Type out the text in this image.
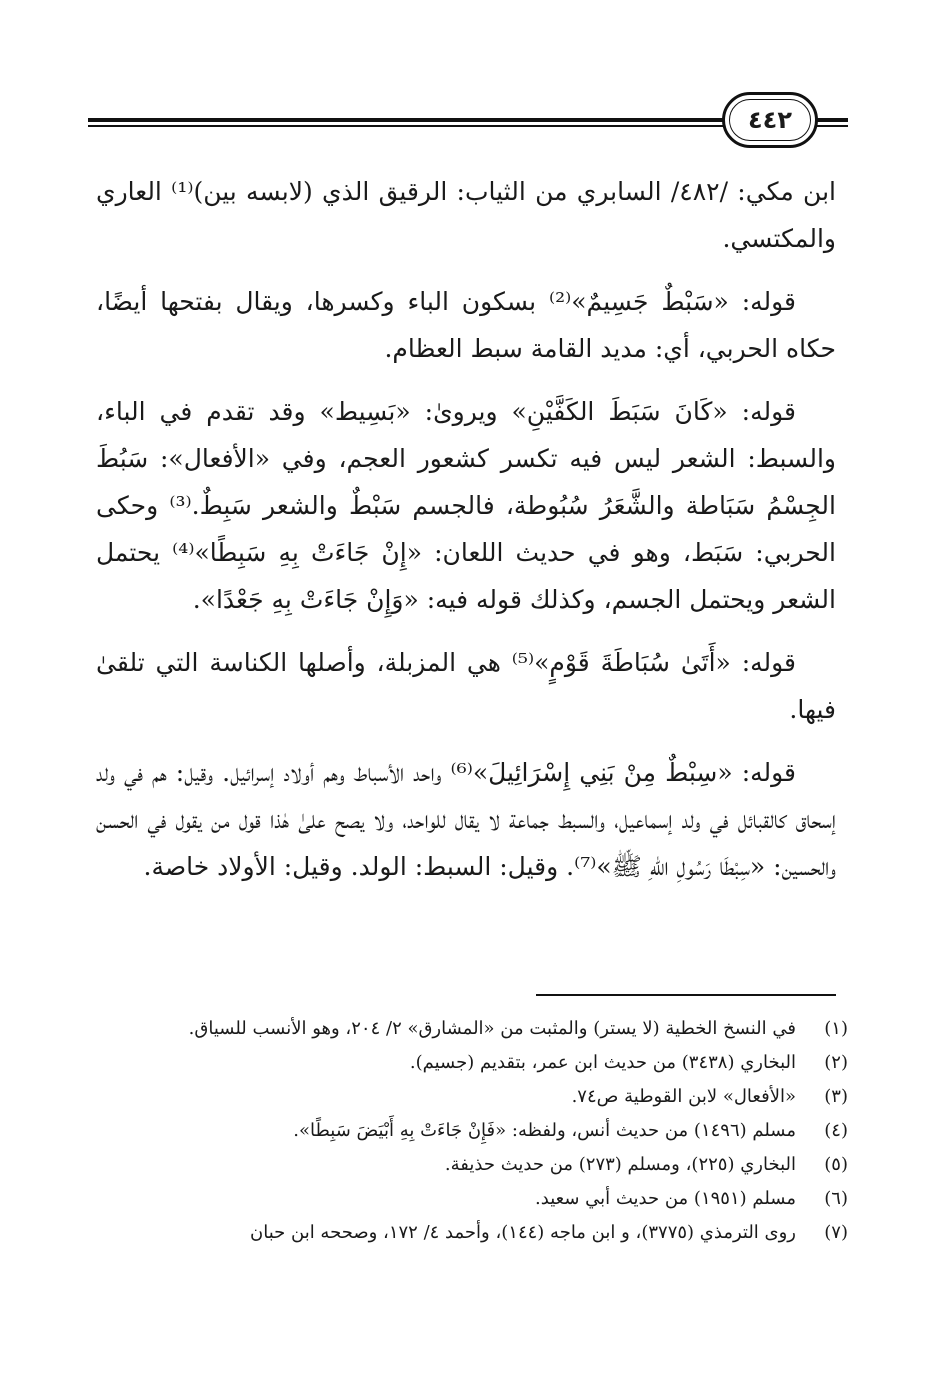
٤٤٢

ابن مكي: /٤٨٢/ السابري من الثياب: الرقيق الذي (لابسه بين)⁽¹⁾ العاري والمكتسي.

قوله: «سَبْطٌ جَسِيمٌ»⁽²⁾ بسكون الباء وكسرها، ويقال بفتحها أيضًا، حكاه الحربي، أي: مديد القامة سبط العظام.

قوله: «كَانَ سَبَطَ الكَفَّيْنِ» ويروىٰ: «بَسِيط» وقد تقدم في الباء، والسبط: الشعر ليس فيه تكسر كشعور العجم، وفي «الأفعال»: سَبُطَ الجِسْمُ سَبَاطة والشَّعَرُ سُبُوطة، فالجسم سَبْطٌ والشعر سَبِطٌ.⁽³⁾ وحكى الحربي: سَبَط، وهو في حديث اللعان: «إِنْ جَاءَتْ بِهِ سَبِطًا»⁽⁴⁾ يحتمل الشعر ويحتمل الجسم، وكذلك قوله فيه: «وَإِنْ جَاءَتْ بِهِ جَعْدًا».

قوله: «أَتَىٰ سُبَاطَةَ قَوْمٍ»⁽⁵⁾ هي المزبلة، وأصلها الكناسة التي تلقىٰ فيها.

قوله: «سِبْطٌ مِنْ بَنِي إِسْرَائِيلَ»⁽⁶⁾ واحد الأسباط وهم أولاد إسرائيل. وقيل: هم في ولد إسحاق كالقبائل في ولد إسماعيل، والسبط جماعة لا يقال للواحد، ولا يصح علىٰ هٰذا قول من يقول في الحسن والحسين: «سِبْطَا رَسُولِ اللهِ ﷺ»⁽⁷⁾. وقيل: السبط: الولد. وقيل: الأولاد خاصة.

(١)
في النسخ الخطية (لا يستر) والمثبت من «المشارق» ٢/ ٢٠٤، وهو الأنسب للسياق.
(٢)
البخاري (٣٤٣٨) من حديث ابن عمر، بتقديم (جسيم).
(٣)
«الأفعال» لابن القوطية ص٧٤.
(٤)
مسلم (١٤٩٦) من حديث أنس، ولفظه: «فَإِنْ جَاءَتْ بِهِ أَبْيَضَ سَبِطًا».
(٥)
البخاري (٢٢٥)، ومسلم (٢٧٣) من حديث حذيفة.
(٦)
مسلم (١٩٥١) من حديث أبي سعيد.
(٧)
روى الترمذي (٣٧٧٥)، و ابن ماجه (١٤٤)، وأحمد ٤/ ١٧٢، وصححه ابن حبان
